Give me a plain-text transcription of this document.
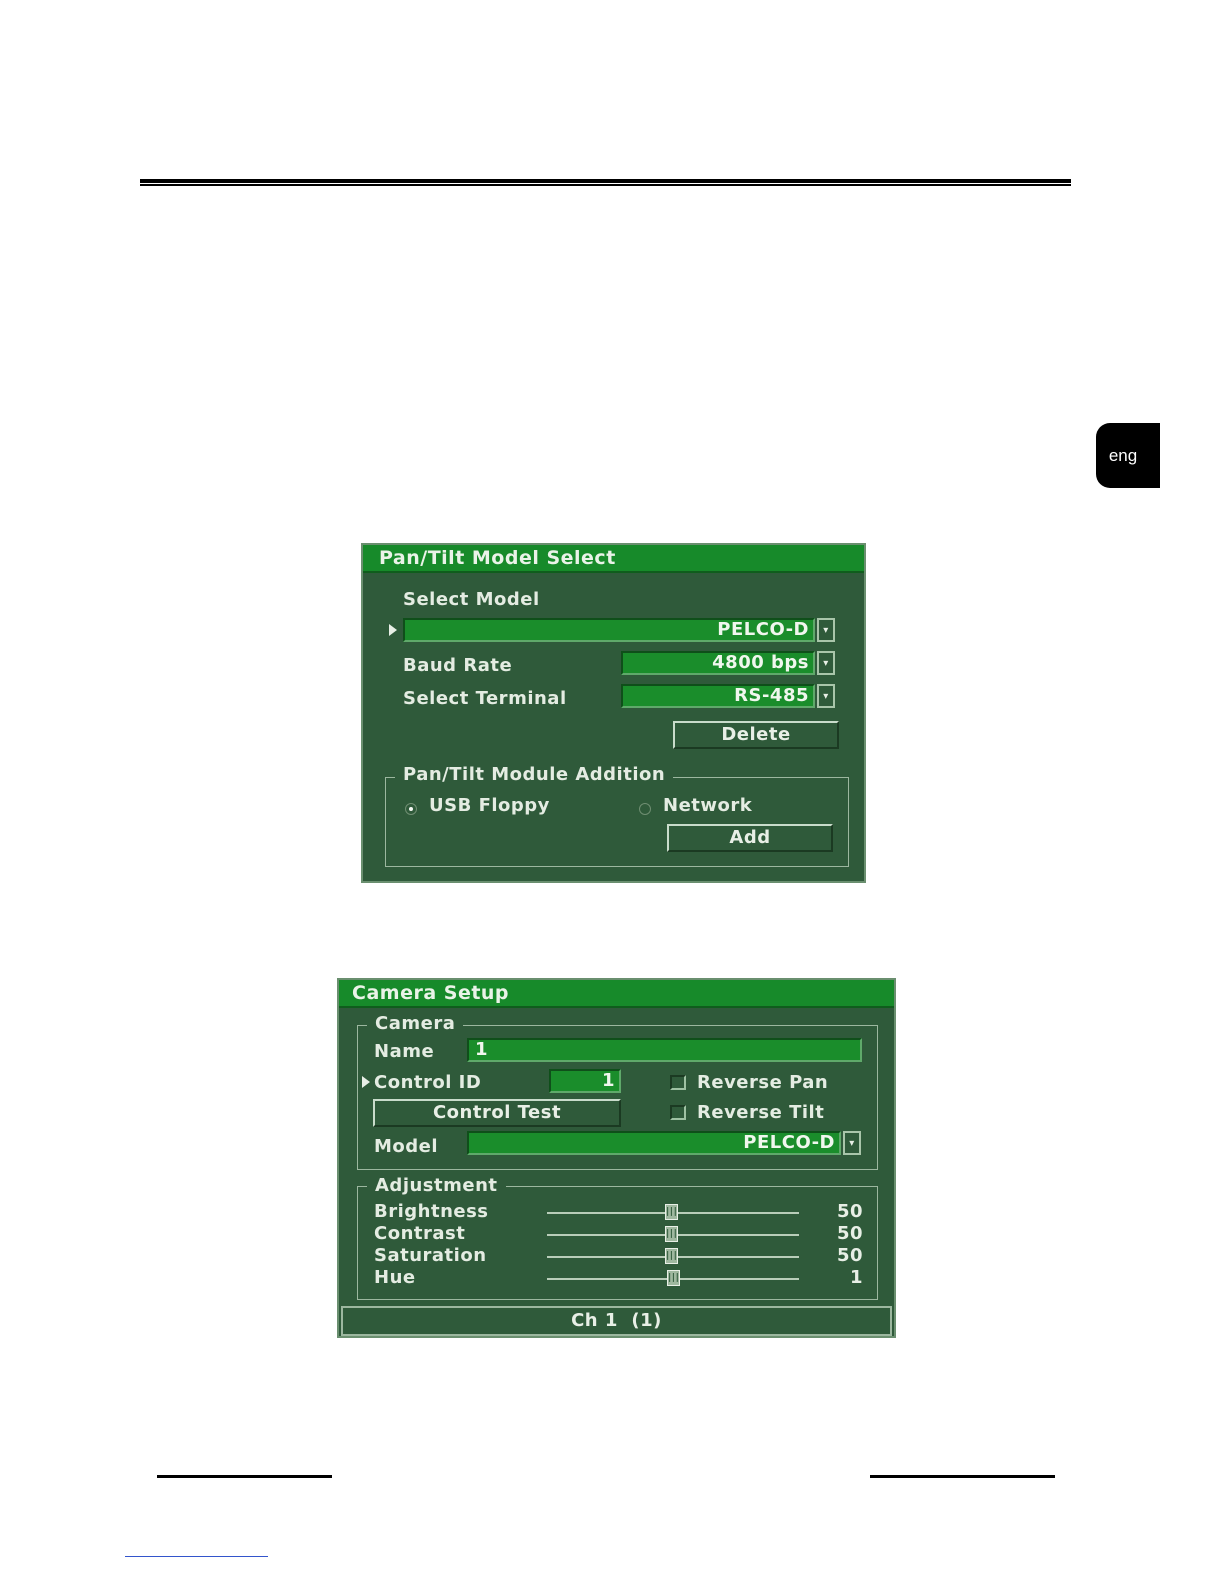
eng
Pan/Tilt Model Select
Select Model
PELCO-D	▾
Baud Rate	4800 bps	▾
Select Terminal	RS-485	▾
Delete
Pan/Tilt Module Addition
USB Floppy	Network
Add
Camera Setup
Camera
Name	1
Control ID	1	Reverse Pan
Control Test	Reverse Tilt
Model	PELCO-D	▾
Adjustment
Brightness	|||	50
Contrast	|||	50
Saturation	|||	50
Hue	|||	1
Ch 1  (1)
